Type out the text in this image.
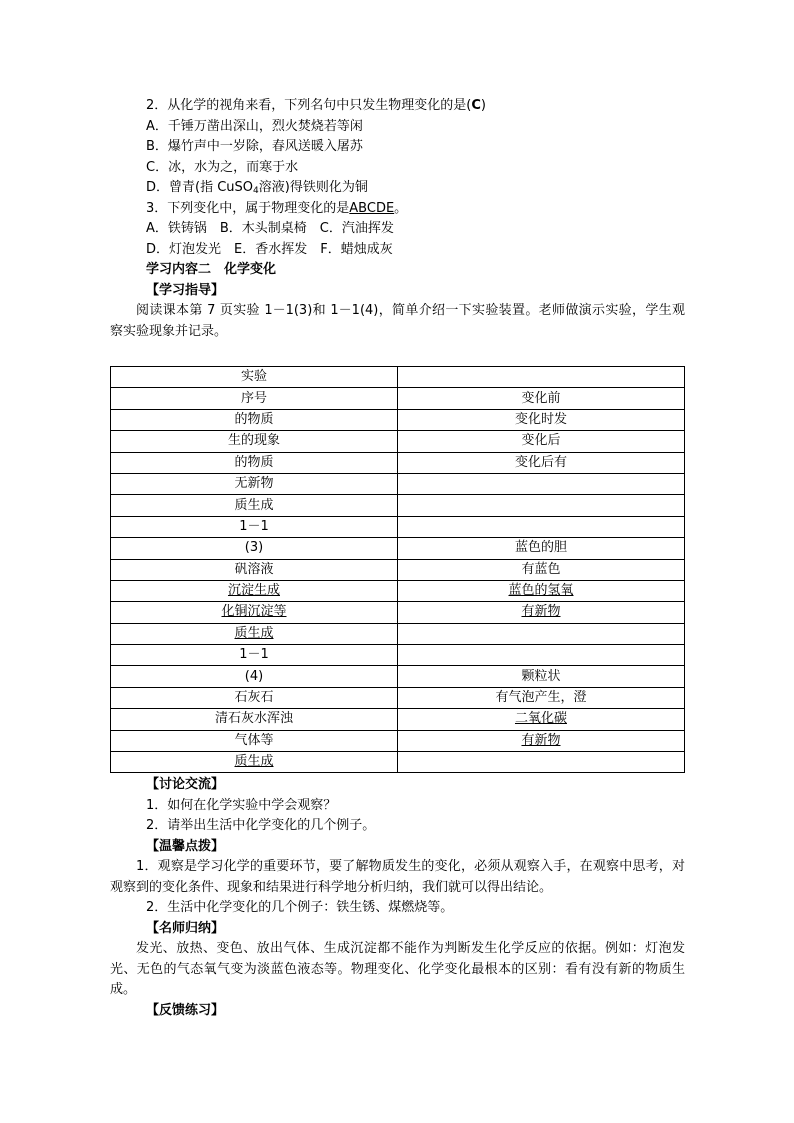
2．从化学的视角来看，下列名句中只发生物理变化的是(C)
A．千锤万凿出深山，烈火焚烧若等闲
B．爆竹声中一岁除，春风送暖入屠苏
C．冰，水为之，而寒于水
D．曾青(指 CuSO$_4$溶液)得铁则化为铜
3．下列变化中，属于物理变化的是ABCDE。
A．铁铸锅　B．木头制桌椅　C．汽油挥发
D．灯泡发光　E．香水挥发　F．蜡烛成灰
学习内容二　化学变化
【学习指导】
阅读课本第 7 页实验 1－1(3)和 1－1(4)，简单介绍一下实验装置。老师做演示实验，学生观察实验现象并记录。
实验	
序号	变化前
的物质	变化时发
生的现象	变化后
的物质	变化后有
无新物	
质生成	
1－1	
(3)	蓝色的胆
矾溶液	有蓝色
沉淀生成	蓝色的氢氧
化铜沉淀等	有新物
质生成	
1－1	
(4)	颗粒状
石灰石	有气泡产生，澄
清石灰水浑浊	二氧化碳
气体等	有新物
质生成	
【讨论交流】
1．如何在化学实验中学会观察？
2．请举出生活中化学变化的几个例子。
【温馨点拨】
1．观察是学习化学的重要环节，要了解物质发生的变化，必须从观察入手，在观察中思考，对观察到的变化条件、现象和结果进行科学地分析归纳，我们就可以得出结论。
2．生活中化学变化的几个例子：铁生锈、煤燃烧等。
【名师归纳】
发光、放热、变色、放出气体、生成沉淀都不能作为判断发生化学反应的依据。例如：灯泡发光、无色的气态氧气变为淡蓝色液态等。物理变化、化学变化最根本的区别：看有没有新的物质生成。
【反馈练习】
